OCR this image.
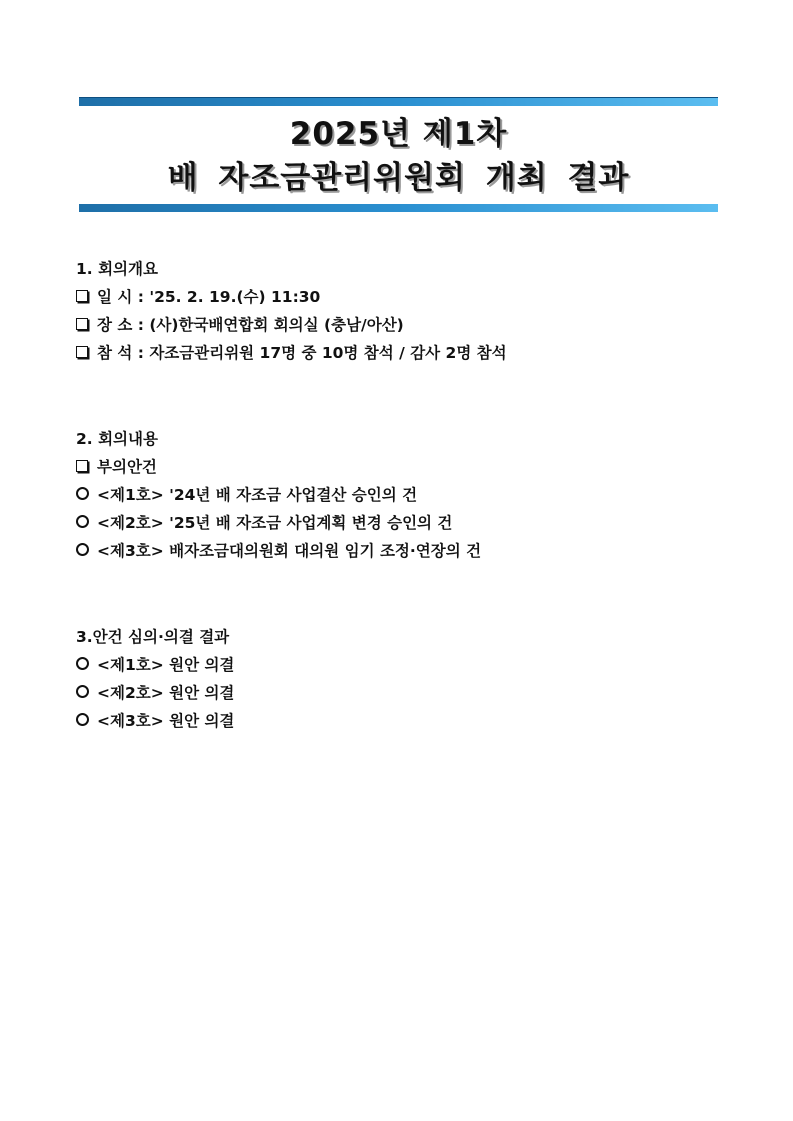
2025년 제1차
배 자조금관리위원회 개최 결과
1. 회의개요
일 시 : '25. 2. 19.(수) 11:30
장 소 : (사)한국배연합회 회의실 (충남/아산)
참 석 : 자조금관리위원 17명 중 10명 참석 / 감사 2명 참석
2. 회의내용
부의안건
<제1호> '24년 배 자조금 사업결산 승인의 건
<제2호> '25년 배 자조금 사업계획 변경 승인의 건
<제3호> 배자조금대의원회 대의원 임기 조정·연장의 건
3.안건 심의·의결 결과
<제1호> 원안 의결
<제2호> 원안 의결
<제3호> 원안 의결
